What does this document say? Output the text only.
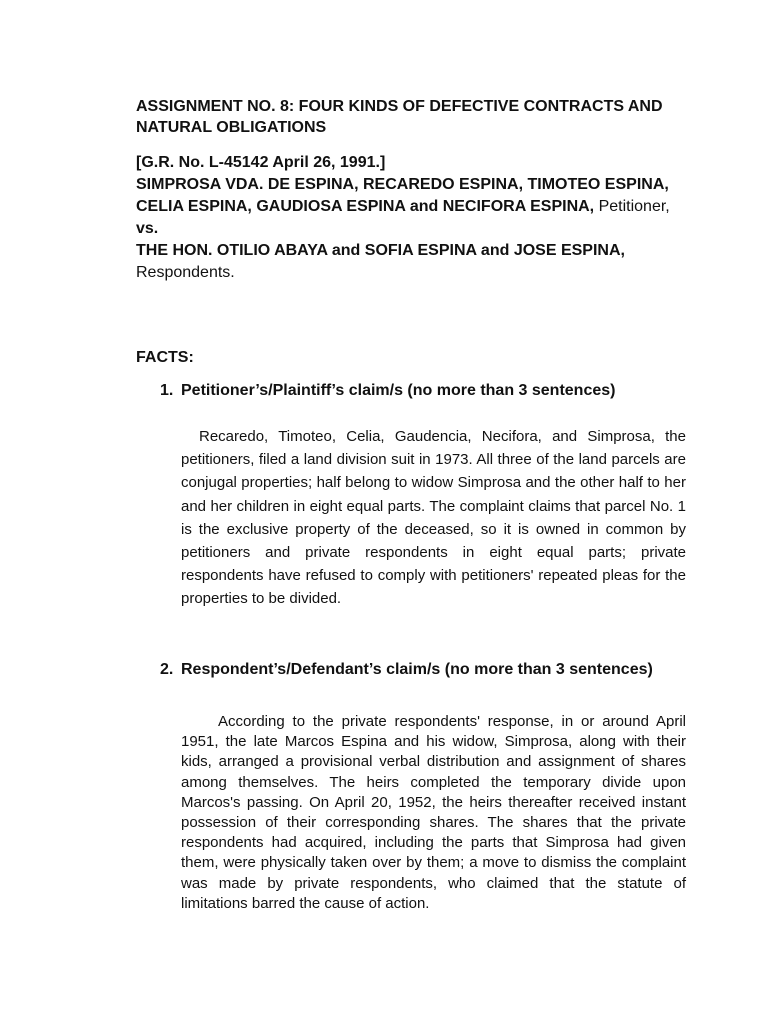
ASSIGNMENT NO. 8: FOUR KINDS OF DEFECTIVE CONTRACTS AND NATURAL OBLIGATIONS
[G.R. No. L-45142 April 26, 1991.]
SIMPROSA VDA. DE ESPINA, RECAREDO ESPINA, TIMOTEO ESPINA, CELIA ESPINA, GAUDIOSA ESPINA and NECIFORA ESPINA, Petitioner,
vs.
THE HON. OTILIO ABAYA and SOFIA ESPINA and JOSE ESPINA, Respondents.
FACTS:
1. Petitioner’s/Plaintiff’s claim/s (no more than 3 sentences)
Recaredo, Timoteo, Celia, Gaudencia, Necifora, and Simprosa, the petitioners, filed a land division suit in 1973. All three of the land parcels are conjugal properties; half belong to widow Simprosa and the other half to her and her children in eight equal parts. The complaint claims that parcel No. 1 is the exclusive property of the deceased, so it is owned in common by petitioners and private respondents in eight equal parts; private respondents have refused to comply with petitioners' repeated pleas for the properties to be divided.
2. Respondent’s/Defendant’s claim/s (no more than 3 sentences)
According to the private respondents' response, in or around April 1951, the late Marcos Espina and his widow, Simprosa, along with their kids, arranged a provisional verbal distribution and assignment of shares among themselves. The heirs completed the temporary divide upon Marcos's passing. On April 20, 1952, the heirs thereafter received instant possession of their corresponding shares. The shares that the private respondents had acquired, including the parts that Simprosa had given them, were physically taken over by them; a move to dismiss the complaint was made by private respondents, who claimed that the statute of limitations barred the cause of action.
